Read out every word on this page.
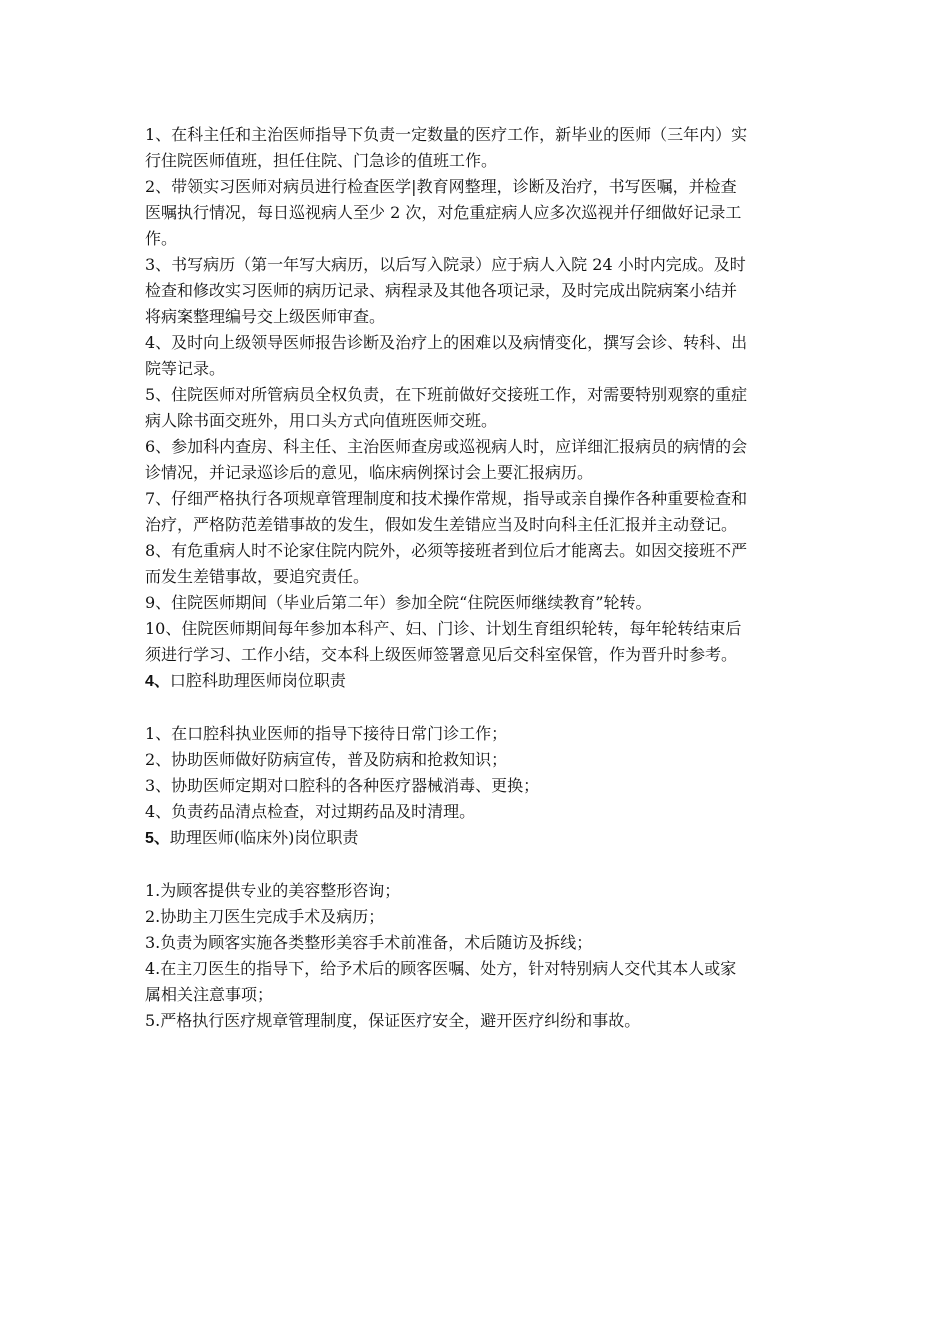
1、在科主任和主治医师指导下负责一定数量的医疗工作，新毕业的医师（三年内）实
行住院医师值班，担任住院、门急诊的值班工作。
2、带领实习医师对病员进行检查医学|教育网整理，诊断及治疗，书写医嘱，并检查
医嘱执行情况，每日巡视病人至少 2 次，对危重症病人应多次巡视并仔细做好记录工
作。
3、书写病历（第一年写大病历，以后写入院录）应于病人入院 24 小时内完成。及时
检查和修改实习医师的病历记录、病程录及其他各项记录，及时完成出院病案小结并
将病案整理编号交上级医师审查。
4、及时向上级领导医师报告诊断及治疗上的困难以及病情变化，撰写会诊、转科、出
院等记录。
5、住院医师对所管病员全权负责，在下班前做好交接班工作，对需要特别观察的重症
病人除书面交班外，用口头方式向值班医师交班。
6、参加科内查房、科主任、主治医师查房或巡视病人时，应详细汇报病员的病情的会
诊情况，并记录巡诊后的意见，临床病例探讨会上要汇报病历。
7、仔细严格执行各项规章管理制度和技术操作常规，指导或亲自操作各种重要检查和
治疗，严格防范差错事故的发生，假如发生差错应当及时向科主任汇报并主动登记。
8、有危重病人时不论家住院内院外，必须等接班者到位后才能离去。如因交接班不严
而发生差错事故，要追究责任。
9、住院医师期间（毕业后第二年）参加全院“住院医师继续教育”轮转。
10、住院医师期间每年参加本科产、妇、门诊、计划生育组织轮转，每年轮转结束后
须进行学习、工作小结，交本科上级医师签署意见后交科室保管，作为晋升时参考。
4、口腔科助理医师岗位职责
1、在口腔科执业医师的指导下接待日常门诊工作；
2、协助医师做好防病宣传，普及防病和抢救知识；
3、协助医师定期对口腔科的各种医疗器械消毒、更换；
4、负责药品清点检查，对过期药品及时清理。
5、助理医师(临床外)岗位职责
1.为顾客提供专业的美容整形咨询；
2.协助主刀医生完成手术及病历；
3.负责为顾客实施各类整形美容手术前准备，术后随访及拆线；
4.在主刀医生的指导下，给予术后的顾客医嘱、处方，针对特别病人交代其本人或家
属相关注意事项；
5.严格执行医疗规章管理制度，保证医疗安全，避开医疗纠纷和事故。
